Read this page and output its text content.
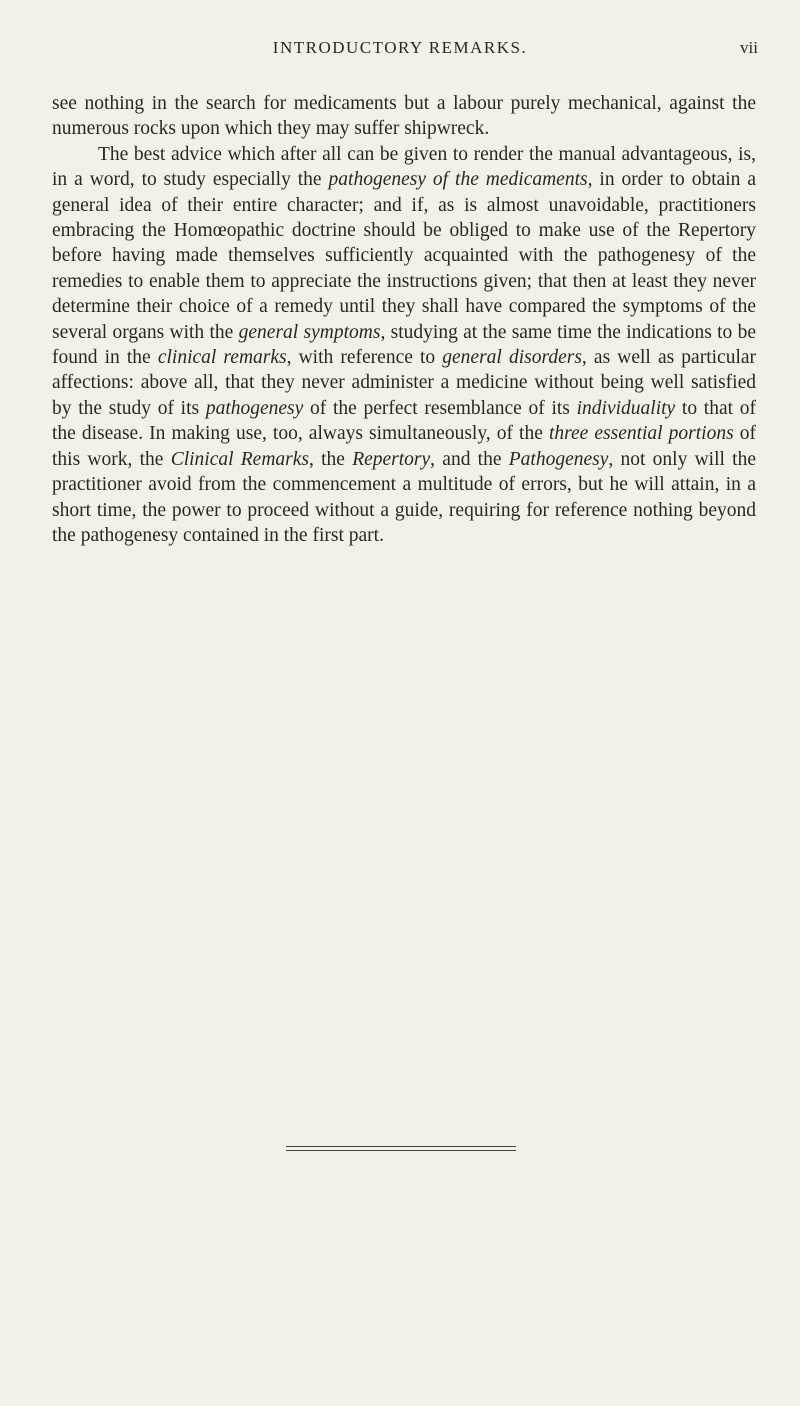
INTRODUCTORY REMARKS.	vii

see nothing in the search for medicaments but a labour purely mechanical, against the numerous rocks upon which they may suffer shipwreck.

The best advice which after all can be given to render the manual advantageous, is, in a word, to study especially the pathogenesy of the medicaments, in order to obtain a general idea of their entire character; and if, as is almost unavoidable, practitioners embracing the Homœopathic doctrine should be obliged to make use of the Repertory before having made themselves sufficiently acquainted with the pathogenesy of the remedies to enable them to appreciate the instructions given; that then at least they never determine their choice of a remedy until they shall have compared the symptoms of the several organs with the general symptoms, studying at the same time the indications to be found in the clinical remarks, with reference to general disorders, as well as particular affections: above all, that they never administer a medicine without being well satisfied by the study of its pathogenesy of the perfect resemblance of its individuality to that of the disease. In making use, too, always simultaneously, of the three essential portions of this work, the Clinical Remarks, the Repertory, and the Pathogenesy, not only will the practitioner avoid from the commencement a multitude of errors, but he will attain, in a short time, the power to proceed without a guide, requiring for reference nothing beyond the pathogenesy contained in the first part.
